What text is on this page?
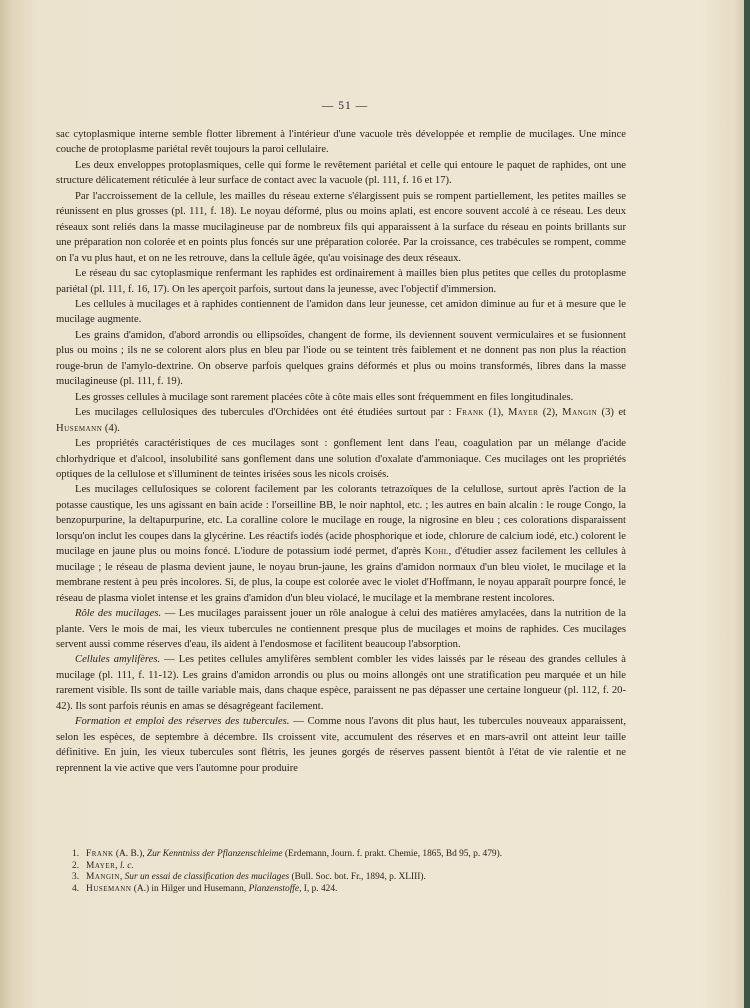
— 51 —

sac cytoplasmique interne semble flotter librement à l'intérieur d'une vacuole très développée et remplie de mucilages. Une mince couche de protoplasme pariétal revêt toujours la paroi cellulaire.

Les deux enveloppes protoplasmiques, celle qui forme le revêtement pariétal et celle qui entoure le paquet de raphides, ont une structure délicatement réticulée à leur surface de contact avec la vacuole (pl. 111, f. 16 et 17).

Par l'accroissement de la cellule, les mailles du réseau externe s'élargissent puis se rompent partiellement, les petites mailles se réunissent en plus grosses (pl. 111, f. 18). Le noyau déformé, plus ou moins aplati, est encore souvent accolé à ce réseau. Les deux réseaux sont reliés dans la masse mucilagineuse par de nombreux fils qui apparaissent à la surface du réseau en points brillants sur une préparation non colorée et en points plus foncés sur une préparation colorée. Par la croissance, ces trabécules se rompent, comme on l'a vu plus haut, et on ne les retrouve, dans la cellule âgée, qu'au voisinage des deux réseaux.

Le réseau du sac cytoplasmique renfermant les raphides est ordinairement à mailles bien plus petites que celles du protoplasme pariétal (pl. 111, f. 16, 17). On les aperçoit parfois, surtout dans la jeunesse, avec l'objectif d'immersion.

Les cellules à mucilages et à raphides contiennent de l'amidon dans leur jeunesse, cet amidon diminue au fur et à mesure que le mucilage augmente.

Les grains d'amidon, d'abord arrondis ou ellipsoïdes, changent de forme, ils deviennent souvent vermiculaires et se fusionnent plus ou moins ; ils ne se colorent alors plus en bleu par l'iode ou se teintent très faiblement et ne donnent pas non plus la réaction rouge-brun de l'amylo-dextrine. On observe parfois quelques grains déformés et plus ou moins transformés, libres dans la masse mucilagineuse (pl. 111, f. 19).

Les grosses cellules à mucilage sont rarement placées côte à côte mais elles sont fréquemment en files longitudinales.

Les mucilages cellulosiques des tubercules d'Orchidées ont été étudiées surtout par : Frank (1), Mayer (2), Mangin (3) et Husemann (4).

Les propriétés caractéristiques de ces mucilages sont : gonflement lent dans l'eau, coagulation par un mélange d'acide chlorhydrique et d'alcool, insolubilité sans gonflement dans une solution d'oxalate d'ammoniaque. Ces mucilages ont les propriétés optiques de la cellulose et s'illuminent de teintes irisées sous les nicols croisés.

Les mucilages cellulosiques se colorent facilement par les colorants tetrazoïques de la celullose, surtout après l'action de la potasse caustique, les uns agissant en bain acide : l'orseilline BB, le noir naphtol, etc. ; les autres en bain alcalin : le rouge Congo, la benzopurpurine, la deltapurpurine, etc. La coralline colore le mucilage en rouge, la nigrosine en bleu ; ces colorations disparaissent lorsqu'on inclut les coupes dans la glycérine. Les réactifs iodés (acide phosphorique et iode, chlorure de calcium iodé, etc.) colorent le mucilage en jaune plus ou moins foncé. L'iodure de potassium iodé permet, d'après Kohl, d'étudier assez facilement les cellules à mucilage ; le réseau de plasma devient jaune, le noyau brun-jaune, les grains d'amidon normaux d'un bleu violet, le mucilage et la membrane restent à peu près incolores. Si, de plus, la coupe est colorée avec le violet d'Hoffmann, le noyau apparaît pourpre foncé, le réseau de plasma violet intense et les grains d'amidon d'un bleu violacé, le mucilage et la membrane restent incolores.

Rôle des mucilages. — Les mucilages paraissent jouer un rôle analogue à celui des matières amylacées, dans la nutrition de la plante. Vers le mois de mai, les vieux tubercules ne contiennent presque plus de mucilages et moins de raphides. Ces mucilages servent aussi comme réserves d'eau, ils aident à l'endosmose et facilitent beaucoup l'absorption.

Cellules amylifères. — Les petites cellules amylifères semblent combler les vides laissés par le réseau des grandes cellules à mucilage (pl. 111, f. 11-12). Les grains d'amidon arrondis ou plus ou moins allongés ont une stratification peu marquée et un hile rarement visible. Ils sont de taille variable mais, dans chaque espèce, paraissent ne pas dépasser une certaine longueur (pl. 112, f. 20-42). Ils sont parfois réunis en amas se désagrégeant facilement.

Formation et emploi des réserves des tubercules. — Comme nous l'avons dit plus haut, les tubercules nouveaux apparaissent, selon les espèces, de septembre à décembre. Ils croissent vite, accumulent des réserves et en mars-avril ont atteint leur taille définitive. En juin, les vieux tubercules sont flétris, les jeunes gorgés de réserves passent bientôt à l'état de vie ralentie et ne reprennent la vie active que vers l'automne pour produire

1. Frank (A. B.), Zur Kenntniss der Pflanzenschleime (Erdemann, Journ. f. prakt. Chemie, 1865, Bd 95, p. 479).
2. Mayer, l. c.
3. Mangin, Sur un essai de classification des mucilages (Bull. Soc. bot. Fr., 1894, p. XLIII).
4. Husemann (A.) in Hilger und Husemann, Planzenstoffe, I, p. 424.
